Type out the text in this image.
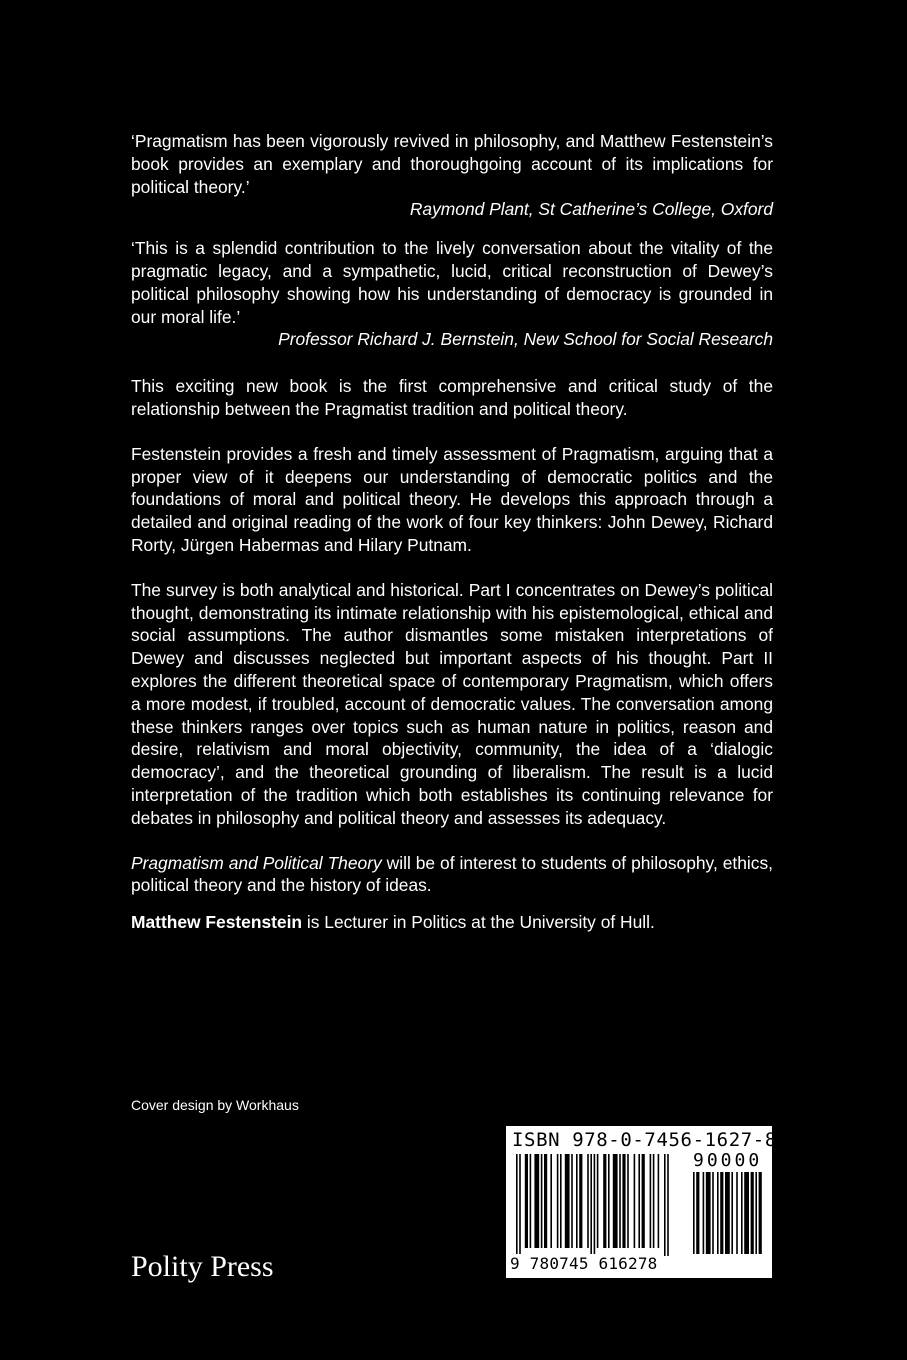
‘Pragmatism has been vigorously revived in philosophy, and Matthew Festenstein’s book provides an exemplary and thoroughgoing account of its implications for political theory.’

Raymond Plant, St Catherine’s College, Oxford

‘This is a splendid contribution to the lively conversation about the vitality of the pragmatic legacy, and a sympathetic, lucid, critical reconstruction of Dewey’s political philosophy showing how his understanding of democracy is grounded in our moral life.’

Professor Richard J. Bernstein, New School for Social Research

This exciting new book is the first comprehensive and critical study of the relationship between the Pragmatist tradition and political theory.

Festenstein provides a fresh and timely assessment of Pragmatism, arguing that a proper view of it deepens our understanding of democratic politics and the foundations of moral and political theory. He develops this approach through a detailed and original reading of the work of four key thinkers: John Dewey, Richard Rorty, Jürgen Habermas and Hilary Putnam.

The survey is both analytical and historical. Part I concentrates on Dewey’s political thought, demonstrating its intimate relationship with his epistemological, ethical and social assumptions. The author dismantles some mistaken interpretations of Dewey and discusses neglected but important aspects of his thought. Part II explores the different theoretical space of contemporary Pragmatism, which offers a more modest, if troubled, account of democratic values. The conversation among these thinkers ranges over topics such as human nature in politics, reason and desire, relativism and moral objectivity, community, the idea of a ‘dialogic democracy’, and the theoretical grounding of liberalism. The result is a lucid interpretation of the tradition which both establishes its continuing relevance for debates in philosophy and political theory and assesses its adequacy.

Pragmatism and Political Theory will be of interest to students of philosophy, ethics, political theory and the history of ideas.

Matthew Festenstein is Lecturer in Politics at the University of Hull.

Cover design by Workhaus
Polity Press
ISBN 978-0-7456-1627-8
90000
9 780745 616278
